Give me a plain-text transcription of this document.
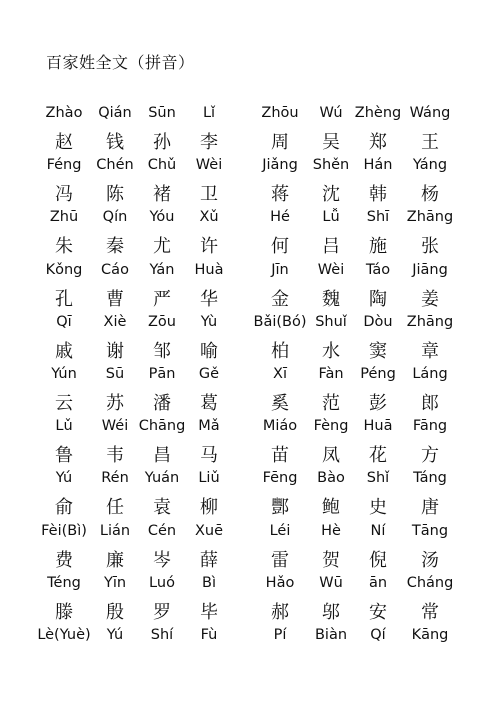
百家姓全文（拼音）
Zhào Qián Sūn Lǐ	Zhōu Wú Zhèng Wáng
赵 钱 孙 李	周 吴 郑 王
Féng Chén Chǔ Wèi	Jiǎng Shěn Hán Yáng
冯 陈 褚 卫	蒋 沈 韩 杨
Zhū Qín Yóu Xǔ	Hé Lǚ Shī Zhāng
朱 秦 尤 许	何 吕 施 张
Kǒng Cáo Yán Huà	Jīn Wèi Táo Jiāng
孔 曹 严 华	金 魏 陶 姜
Qī Xiè Zōu Yù	Bǎi(Bó) Shuǐ Dòu Zhāng
戚 谢 邹 喻	柏 水 窦 章
Yún Sū Pān Gě	Xī Fàn Péng Láng
云 苏 潘 葛	奚 范 彭 郎
Lǔ Wéi Chāng Mǎ	Miáo Fèng Huā Fāng
鲁 韦 昌 马	苗 凤 花 方
Yú Rén Yuán Liǔ	Fēng Bào Shǐ Táng
俞 任 袁 柳	酆 鲍 史 唐
Fèi(Bì) Lián Cén Xuē	Léi Hè Ní Tāng
费 廉 岑 薛	雷 贺 倪 汤
Téng Yīn Luó Bì	Hǎo Wū ān Cháng
滕 殷 罗 毕	郝 邬 安 常
Lè(Yuè) Yú Shí Fù	Pí Biàn Qí Kāng
